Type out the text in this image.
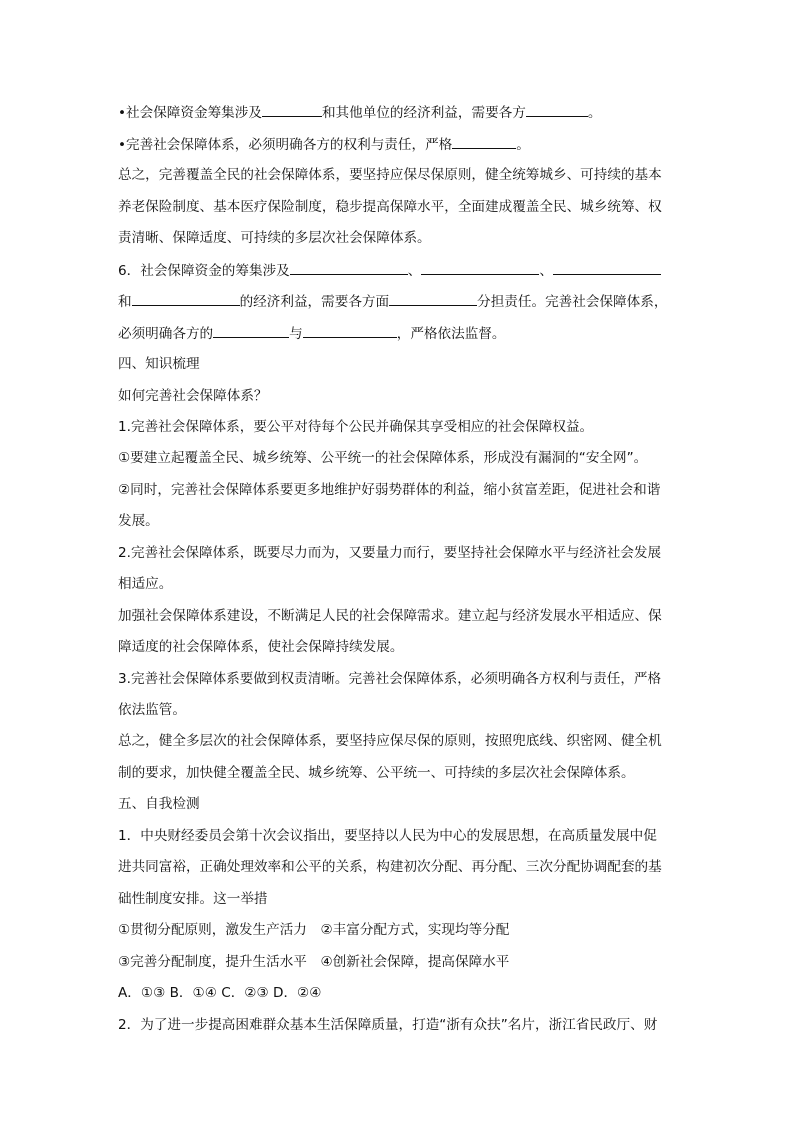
•社会保障资金筹集涉及	和其他单位的经济利益，需要各方	。
•完善社会保障体系，必须明确各方的权利与责任，严格	。
总之，完善覆盖全民的社会保障体系，要坚持应保尽保原则，健全统筹城乡、可持续的基本
养老保险制度、基本医疗保险制度，稳步提高保障水平，全面建成覆盖全民、城乡统筹、权
责清晰、保障适度、可持续的多层次社会保障体系。
6．社会保障资金的筹集涉及	、	、
和	的经济利益，需要各方面	分担责任。完善社会保障体系，
必须明确各方的	与	，严格依法监督。
四、知识梳理
如何完善社会保障体系？
1.完善社会保障体系，要公平对待每个公民并确保其享受相应的社会保障权益。
①要建立起覆盖全民、城乡统筹、公平统一的社会保障体系，形成没有漏洞的“安全网”。
②同时，完善社会保障体系要更多地维护好弱势群体的利益，缩小贫富差距，促进社会和谐
发展。
2.完善社会保障体系，既要尽力而为，又要量力而行，要坚持社会保障水平与经济社会发展
相适应。
加强社会保障体系建设，不断满足人民的社会保障需求。建立起与经济发展水平相适应、保
障适度的社会保障体系，使社会保障持续发展。
3.完善社会保障体系要做到权责清晰。完善社会保障体系，必须明确各方权利与责任，严格
依法监管。
总之，健全多层次的社会保障体系，要坚持应保尽保的原则，按照兜底线、织密网、健全机
制的要求，加快健全覆盖全民、城乡统筹、公平统一、可持续的多层次社会保障体系。
五、自我检测
1．中央财经委员会第十次会议指出，要坚持以人民为中心的发展思想，在高质量发展中促
进共同富裕，正确处理效率和公平的关系，构建初次分配、再分配、三次分配协调配套的基
础性制度安排。这一举措
①贯彻分配原则，激发生产活力　②丰富分配方式，实现均等分配
③完善分配制度，提升生活水平　④创新社会保障，提高保障水平
A．①③ B．①④ C．②③ D．②④
2．为了进一步提高困难群众基本生活保障质量，打造“浙有众扶”名片，浙江省民政厅、财
